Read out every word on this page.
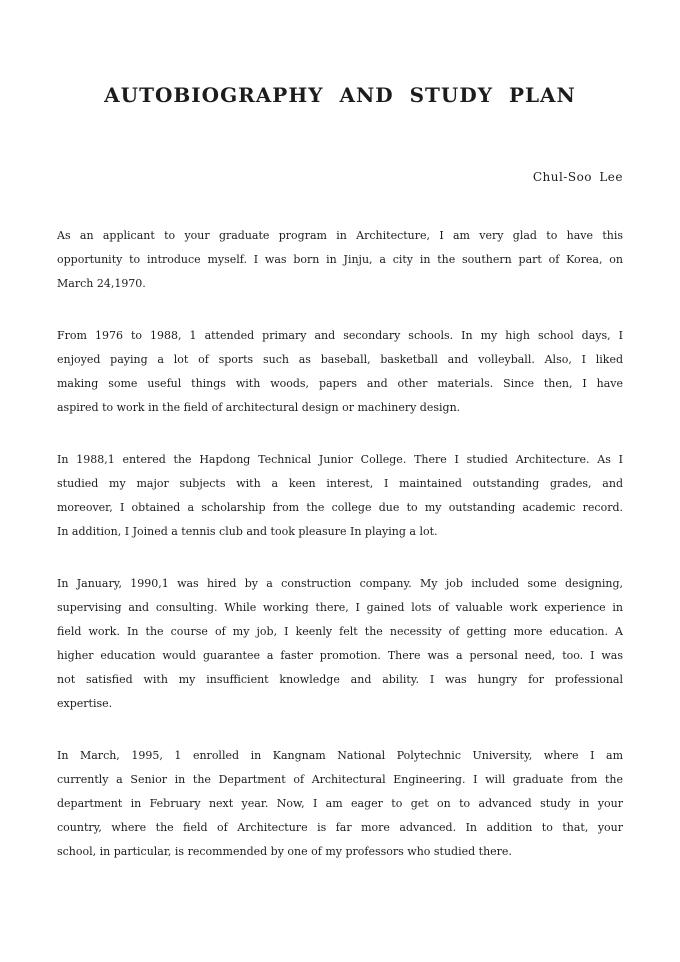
AUTOBIOGRAPHY AND STUDY PLAN
Chul-Soo Lee
As an applicant to your graduate program in Architecture, I am very glad to have this
opportunity to introduce myself. I was born in Jinju, a city in the southern part of Korea, on
March 24,1970.
From 1976 to 1988, 1 attended primary and secondary schools. In my high school days, I
enjoyed paying a lot of sports such as baseball, basketball and volleyball. Also, I liked
making some useful things with woods, papers and other materials. Since then, I have
aspired to work in the field of architectural design or machinery design.
In 1988,1 entered the Hapdong Technical Junior College. There I studied Architecture. As I
studied my major subjects with a keen interest, I maintained outstanding grades, and
moreover, I obtained a scholarship from the college due to my outstanding academic record.
In addition, I Joined a tennis club and took pleasure In playing a lot.
In January, 1990,1 was hired by a construction company. My job included some designing,
supervising and consulting. While working there, I gained lots of valuable work experience in
field work. In the course of my job, I keenly felt the necessity of getting more education. A
higher education would guarantee a faster promotion. There was a personal need, too. I was
not satisfied with my insufficient knowledge and ability. I was hungry for professional
expertise.
In March, 1995, 1 enrolled in Kangnam National Polytechnic University, where I am
currently a Senior in the Department of Architectural Engineering. I will graduate from the
department in February next year. Now, I am eager to get on to advanced study in your
country, where the field of Architecture is far more advanced. In addition to that, your
school, in particular, is recommended by one of my professors who studied there.
